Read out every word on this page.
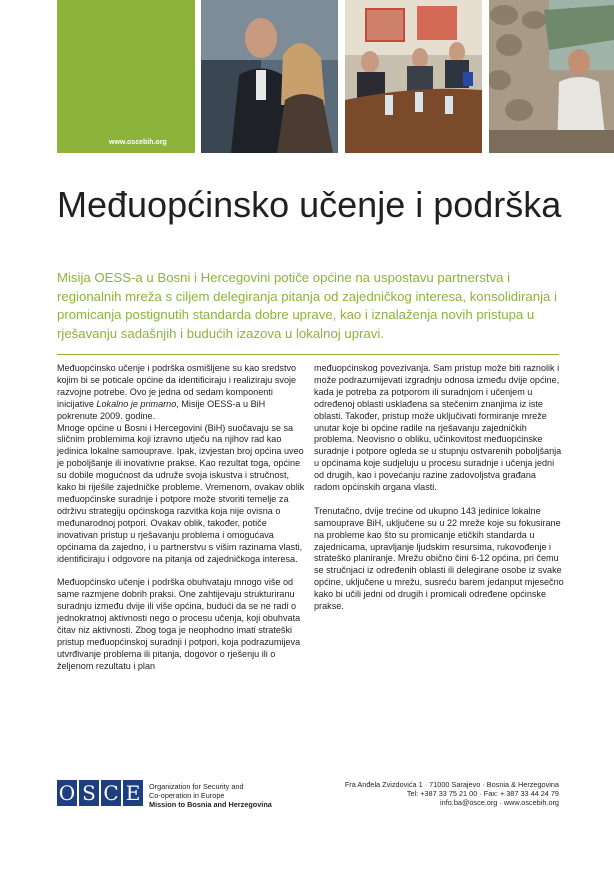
www.oscebih.org
Međuopćinsko učenje i podrška

Misija OESS-a u Bosni i Hercegovini potiče općine na uspostavu partnerstva i regionalnih mreža s ciljem delegiranja pitanja od zajedničkog interesa, konsolidiranja i promicanja postignutih standarda dobre uprave, kao i iznalaženja novih pristupa u rješavanju sadašnjih i budućih izazova u lokalnoj upravi.

Međuopćinsko učenje i podrška osmišljene su kao sredstvo kojim bi se poticale općine da identificiraju i realiziraju svoje razvojne potrebe. Ovo je jedna od sedam komponenti inicijative Lokalno je primarno, Misije OESS-a u BiH pokrenute 2009. godine.
Mnoge općine u Bosni i Hercegovini (BiH) suočavaju se sa sličnim problemima koji izravno utječu na njihov rad kao jedinica lokalne samouprave. Ipak, izvjestan broj općina uveo je poboljšanje ili inovativne prakse. Kao rezultat toga, općine su dobile mogućnost da udruže svoja iskustva i stručnost, kako bi riješile zajedničke probleme. Vremenom, ovakav oblik međuopćinske suradnje i potpore može stvoriti temelje za održivu strategiju općinskoga razvitka koja nije ovisna o međunarodnoj potpori. Ovakav oblik, također, potiče inovativan pristup u rješavanju problema i omogućava općinama da zajedno, i u partnerstvu s višim razinama vlasti, identificiraju i odgovore na pitanja od zajedničkoga interesa.

Međuopćinsko učenje i podrška obuhvataju mnogo više od same razmjene dobrih praksi. One zahtijevaju strukturiranu suradnju između dvije ili više općina, budući da se ne radi o jednokratnoj aktivnosti nego o procesu učenja, koji obuhvata čitav niz aktivnosti. Zbog toga je neophodno imati strateški pristup međuopćinskoj suradnji i potpori, koja podrazumijeva utvrđivanje problema ili pitanja, dogovor o rješenju ili o željenom rezultatu i plan

međuopćinskog povezivanja. Sam pristup može biti raznolik i može podrazumijevati izgradnju odnosa između dvije općine, kada je potreba za potporom ili suradnjom i učenjem u određenoj oblasti usklađena sa stečenim znanjima iz iste oblasti. Također, pristup može uključivati formiranje mreže unutar koje bi općine radile na rješavanju zajedničkih problema. Neovisno o obliku, učinkovitost međuopćinske suradnje i potpore ogleda se u stupnju ostvarenih poboljšanja u općinama koje sudjeluju u procesu suradnje i učenja jedni od drugih, kao i povećanju razine zadovoljstva građana radom općinskih organa vlasti.

Trenutačno, dvije trećine od ukupno 143 jedinice lokalne samouprave BiH, uključene su u 22 mreže koje su fokusirane na probleme kao što su promicanje etičkih standarda u zajednicama, upravljanje ljudskim resursima, rukovođenje i strateško planiranje. Mrežu obično čini 6-12 općina, pri čemu se stručnjaci iz određenih oblasti ili delegirane osobe iz svake općine, uključene u mrežu, susreću barem jedanput mjesečno kako bi učili jedni od drugih i promicali određene općinske prakse.

O S C E	Organization for Security and
Co-operation in Europe
Mission to Bosnia and Herzegovina
Fra Anđela Zvizdovića 1 · 71000 Sarajevo · Bosnia & Herzegovina
Tel: +387 33 75 21 00 · Fax: + 387 33 44 24 79
info.ba@osce.org · www.oscebih.org
